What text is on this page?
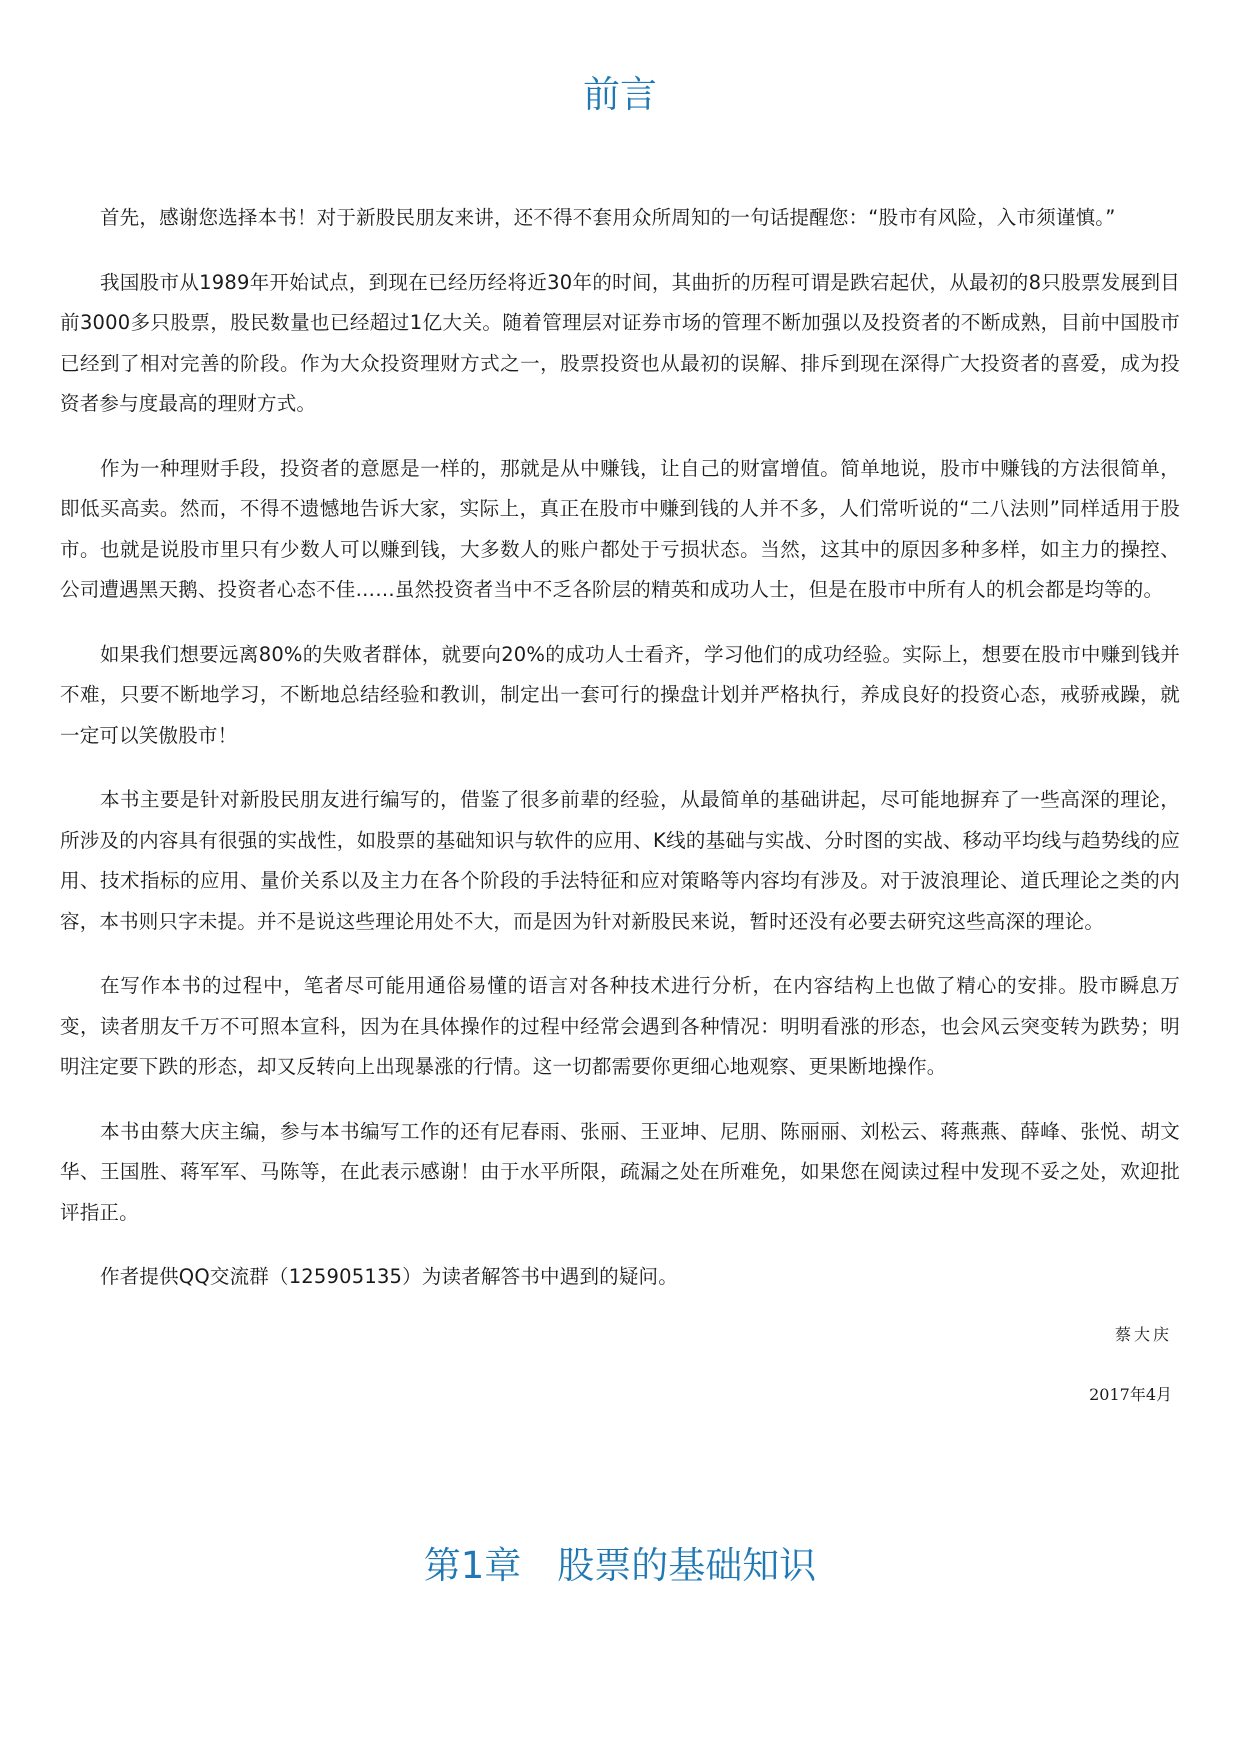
前言

首先，感谢您选择本书！对于新股民朋友来讲，还不得不套用众所周知的一句话提醒您：“股市有风险，入市须谨慎。”

我国股市从1989年开始试点，到现在已经历经将近30年的时间，其曲折的历程可谓是跌宕起伏，从最初的8只股票发展到目前3000多只股票，股民数量也已经超过1亿大关。随着管理层对证券市场的管理不断加强以及投资者的不断成熟，目前中国股市已经到了相对完善的阶段。作为大众投资理财方式之一，股票投资也从最初的误解、排斥到现在深得广大投资者的喜爱，成为投资者参与度最高的理财方式。

作为一种理财手段，投资者的意愿是一样的，那就是从中赚钱，让自己的财富增值。简单地说，股市中赚钱的方法很简单，即低买高卖。然而，不得不遗憾地告诉大家，实际上，真正在股市中赚到钱的人并不多，人们常听说的“二八法则”同样适用于股市。也就是说股市里只有少数人可以赚到钱，大多数人的账户都处于亏损状态。当然，这其中的原因多种多样，如主力的操控、公司遭遇黑天鹅、投资者心态不佳……虽然投资者当中不乏各阶层的精英和成功人士，但是在股市中所有人的机会都是均等的。

如果我们想要远离80%的失败者群体，就要向20%的成功人士看齐，学习他们的成功经验。实际上，想要在股市中赚到钱并不难，只要不断地学习，不断地总结经验和教训，制定出一套可行的操盘计划并严格执行，养成良好的投资心态，戒骄戒躁，就一定可以笑傲股市！

本书主要是针对新股民朋友进行编写的，借鉴了很多前辈的经验，从最简单的基础讲起，尽可能地摒弃了一些高深的理论，所涉及的内容具有很强的实战性，如股票的基础知识与软件的应用、K线的基础与实战、分时图的实战、移动平均线与趋势线的应用、技术指标的应用、量价关系以及主力在各个阶段的手法特征和应对策略等内容均有涉及。对于波浪理论、道氏理论之类的内容，本书则只字未提。并不是说这些理论用处不大，而是因为针对新股民来说，暂时还没有必要去研究这些高深的理论。

在写作本书的过程中，笔者尽可能用通俗易懂的语言对各种技术进行分析，在内容结构上也做了精心的安排。股市瞬息万变，读者朋友千万不可照本宣科，因为在具体操作的过程中经常会遇到各种情况：明明看涨的形态，也会风云突变转为跌势；明明注定要下跌的形态，却又反转向上出现暴涨的行情。这一切都需要你更细心地观察、更果断地操作。

本书由蔡大庆主编，参与本书编写工作的还有尼春雨、张丽、王亚坤、尼朋、陈丽丽、刘松云、蒋燕燕、薛峰、张悦、胡文华、王国胜、蒋军军、马陈等，在此表示感谢！由于水平所限，疏漏之处在所难免，如果您在阅读过程中发现不妥之处，欢迎批评指正。

作者提供QQ交流群（125905135）为读者解答书中遇到的疑问。

蔡大庆

2017年4月

第1章 股票的基础知识
